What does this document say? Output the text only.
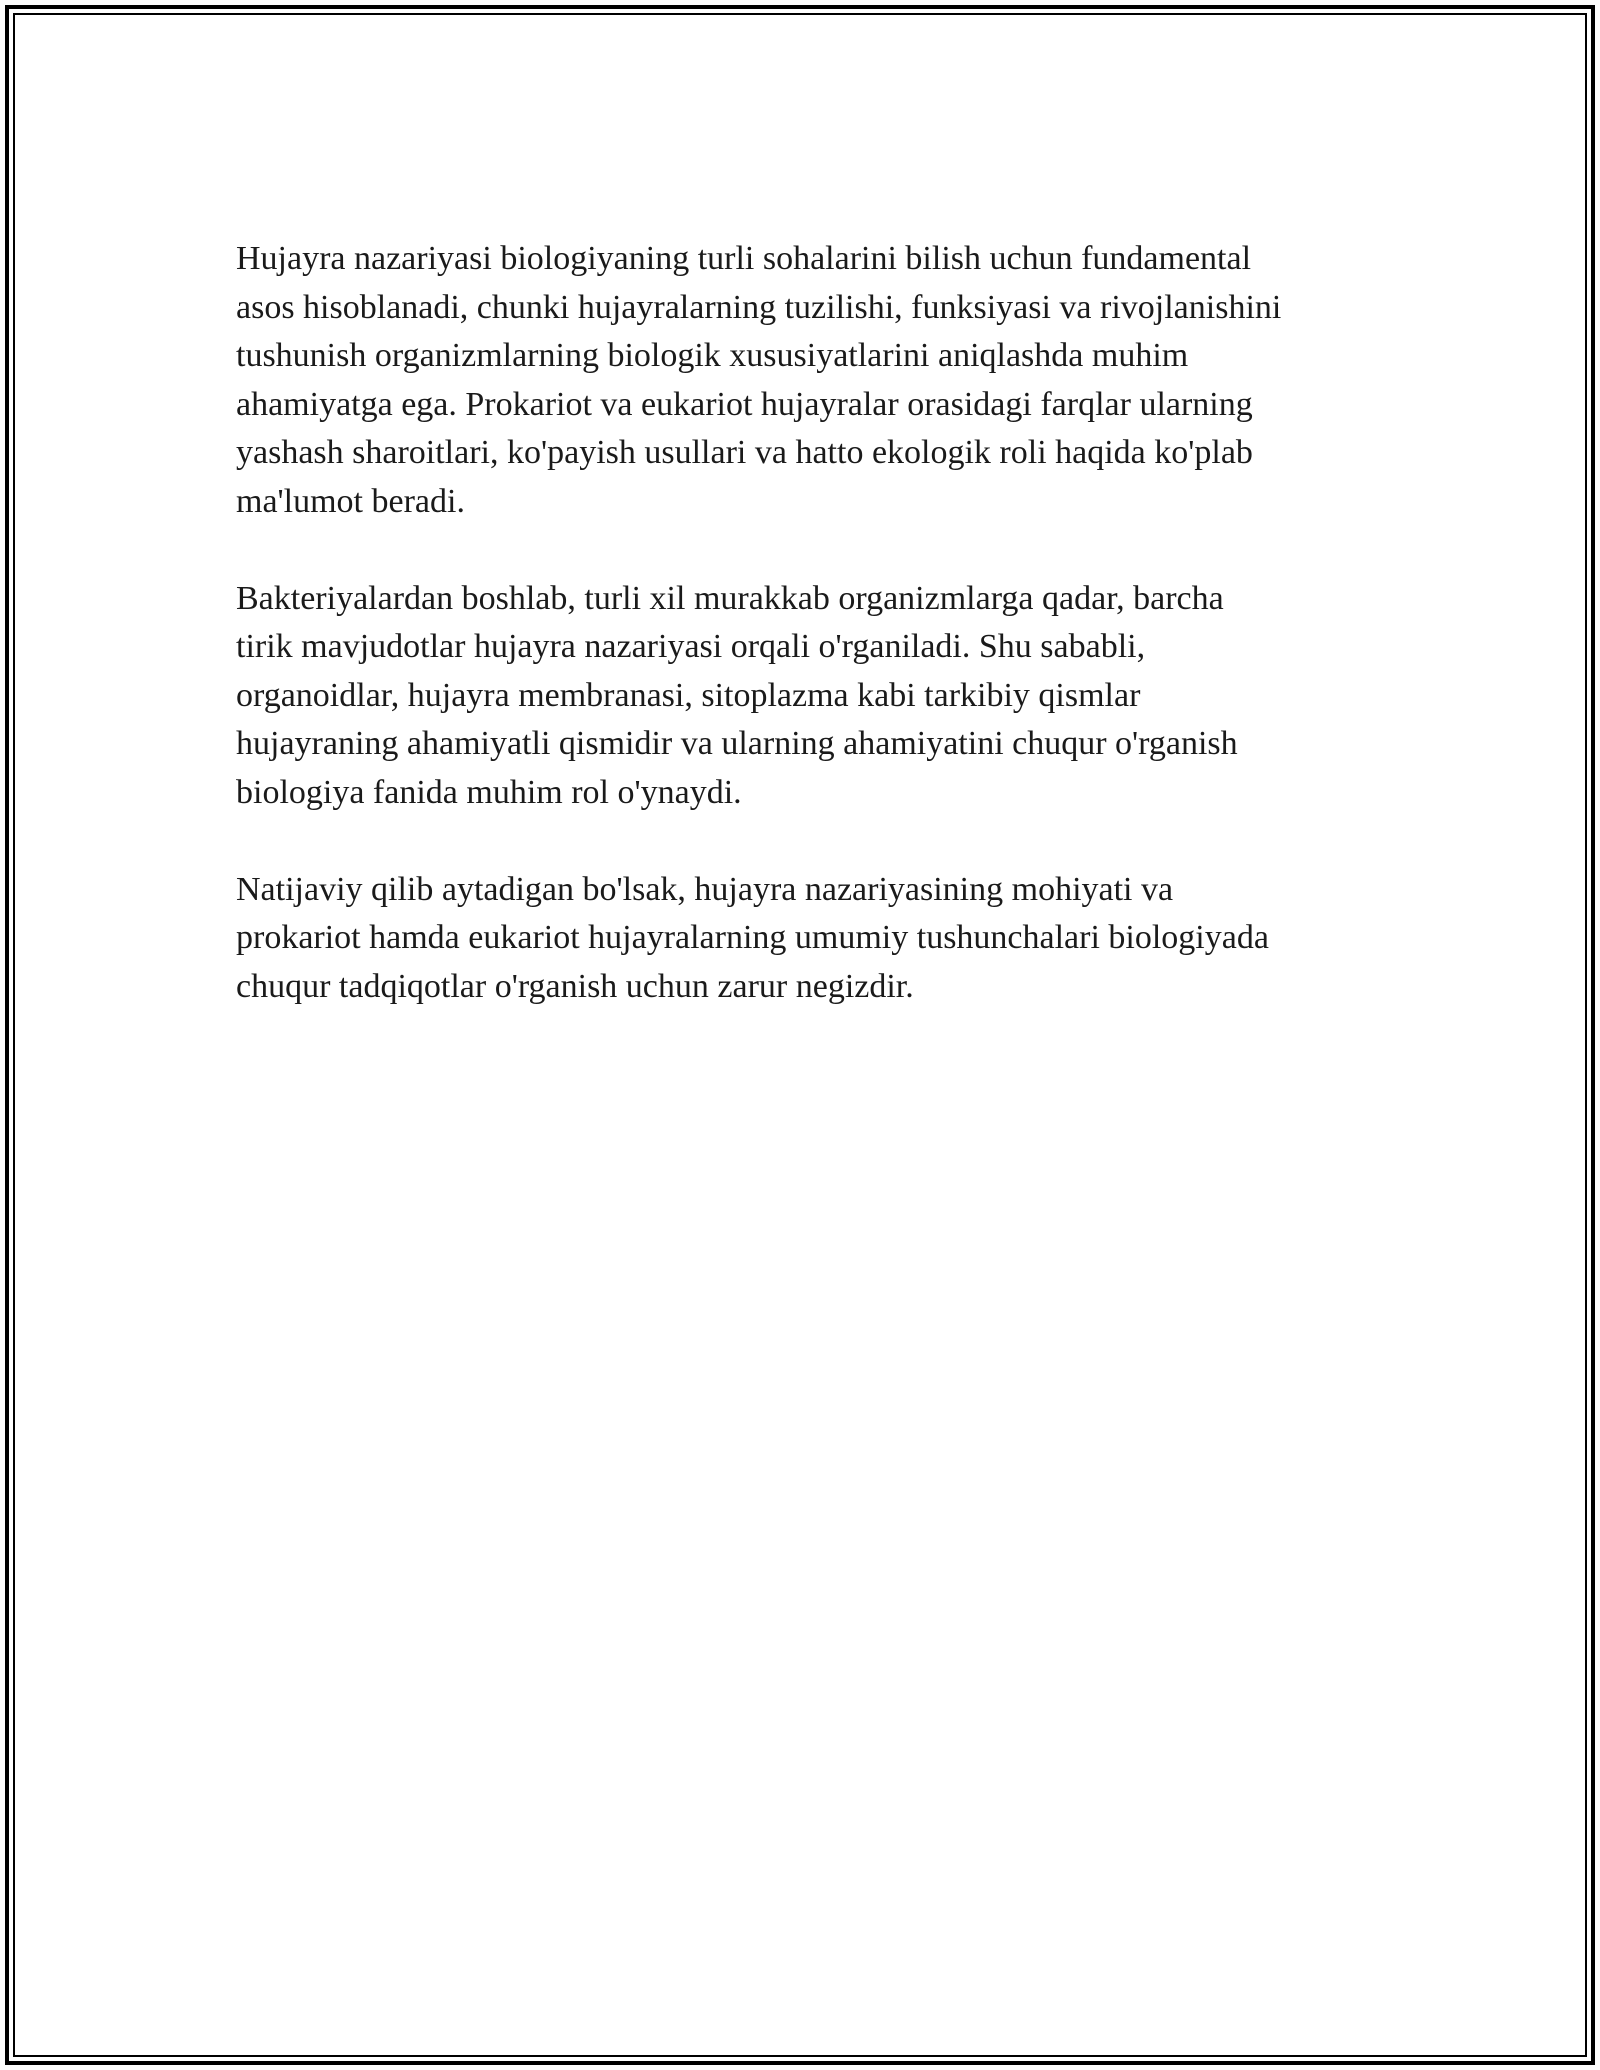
Hujayra nazariyasi biologiyaning turli sohalarini bilish uchun fundamental
asos hisoblanadi, chunki hujayralarning tuzilishi, funksiyasi va rivojlanishini
tushunish organizmlarning biologik xususiyatlarini aniqlashda muhim
ahamiyatga ega. Prokariot va eukariot hujayralar orasidagi farqlar ularning
yashash sharoitlari, ko'payish usullari va hatto ekologik roli haqida ko'plab
ma'lumot beradi.

Bakteriyalardan boshlab, turli xil murakkab organizmlarga qadar, barcha
tirik mavjudotlar hujayra nazariyasi orqali o'rganiladi. Shu sababli,
organoidlar, hujayra membranasi, sitoplazma kabi tarkibiy qismlar
hujayraning ahamiyatli qismidir va ularning ahamiyatini chuqur o'rganish
biologiya fanida muhim rol o'ynaydi.

Natijaviy qilib aytadigan bo'lsak, hujayra nazariyasining mohiyati va
prokariot hamda eukariot hujayralarning umumiy tushunchalari biologiyada
chuqur tadqiqotlar o'rganish uchun zarur negizdir.
